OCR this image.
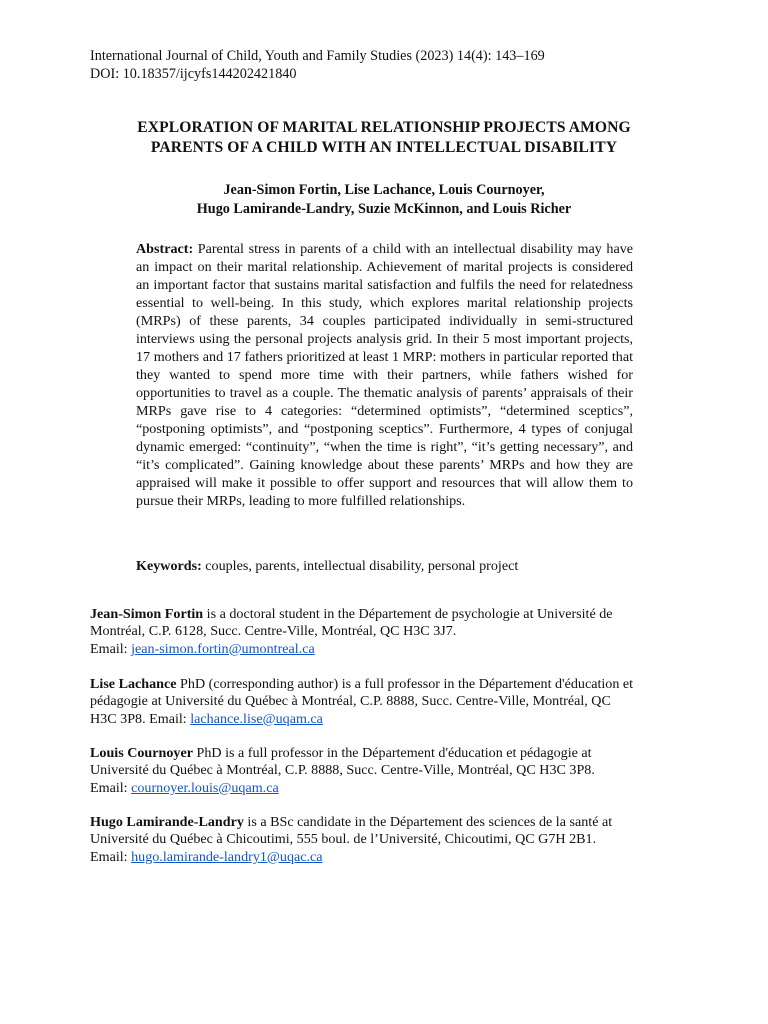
International Journal of Child, Youth and Family Studies (2023) 14(4): 143–169
DOI: 10.18357/ijcyfs144202421840
EXPLORATION OF MARITAL RELATIONSHIP PROJECTS AMONG
PARENTS OF A CHILD WITH AN INTELLECTUAL DISABILITY
Jean-Simon Fortin, Lise Lachance, Louis Cournoyer,
Hugo Lamirande-Landry, Suzie McKinnon, and Louis Richer
Abstract: Parental stress in parents of a child with an intellectual disability may have an impact on their marital relationship. Achievement of marital projects is considered an important factor that sustains marital satisfaction and fulfils the need for relatedness essential to well-being. In this study, which explores marital relationship projects (MRPs) of these parents, 34 couples participated individually in semi-structured interviews using the personal projects analysis grid. In their 5 most important projects, 17 mothers and 17 fathers prioritized at least 1 MRP: mothers in particular reported that they wanted to spend more time with their partners, while fathers wished for opportunities to travel as a couple. The thematic analysis of parents’ appraisals of their MRPs gave rise to 4 categories: “determined optimists”, “determined sceptics”, “postponing optimists”, and “postponing sceptics”. Furthermore, 4 types of conjugal dynamic emerged: “continuity”, “when the time is right”, “it’s getting necessary”, and “it’s complicated”. Gaining knowledge about these parents’ MRPs and how they are appraised will make it possible to offer support and resources that will allow them to pursue their MRPs, leading to more fulfilled relationships.
Keywords: couples, parents, intellectual disability, personal project
Jean-Simon Fortin is a doctoral student in the Département de psychologie at Université de
Montréal, C.P. 6128, Succ. Centre-Ville, Montréal, QC H3C 3J7.
Email: jean-simon.fortin@umontreal.ca
Lise Lachance PhD (corresponding author) is a full professor in the Département d'éducation et
pédagogie at Université du Québec à Montréal, C.P. 8888, Succ. Centre-Ville, Montréal, QC
H3C 3P8. Email: lachance.lise@uqam.ca
Louis Cournoyer PhD is a full professor in the Département d'éducation et pédagogie at
Université du Québec à Montréal, C.P. 8888, Succ. Centre-Ville, Montréal, QC H3C 3P8.
Email: cournoyer.louis@uqam.ca
Hugo Lamirande-Landry is a BSc candidate in the Département des sciences de la santé at
Université du Québec à Chicoutimi, 555 boul. de l’Université, Chicoutimi, QC G7H 2B1.
Email: hugo.lamirande-landry1@uqac.ca
